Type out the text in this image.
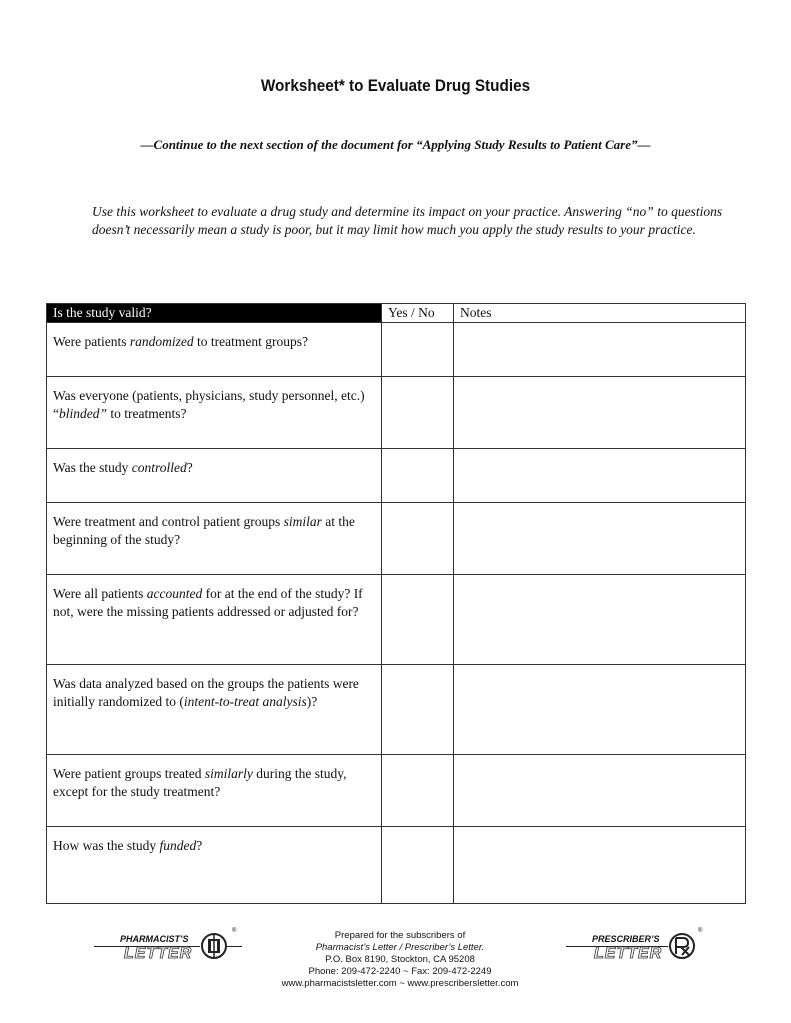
Worksheet* to Evaluate Drug Studies
—Continue to the next section of the document for “Applying Study Results to Patient Care”—
Use this worksheet to evaluate a drug study and determine its impact on your practice. Answering “no” to questions doesn’t necessarily mean a study is poor, but it may limit how much you apply the study results to your practice.
Is the study valid?	Yes / No	Notes
Were patients randomized to treatment groups?		
Was everyone (patients, physicians, study personnel, etc.) “blinded” to treatments?		
Was the study controlled?		
Were treatment and control patient groups similar at the beginning of the study?		
Were all patients accounted for at the end of the study? If not, were the missing patients addressed or adjusted for?		
Was data analyzed based on the groups the patients were initially randomized to (intent-to-treat analysis)?		
Were patient groups treated similarly during the study, except for the study treatment?		
How was the study funded?		
PHARMACIST’S
LETTER
®	Prepared for the subscribers of
Pharmacist’s Letter / Prescriber’s Letter.
P.O. Box 8190, Stockton, CA 95208
Phone: 209-472-2240 ~ Fax: 209-472-2249
www.pharmacistsletter.com ~ www.prescribersletter.com
PRESCRIBER’S
LETTER
®
